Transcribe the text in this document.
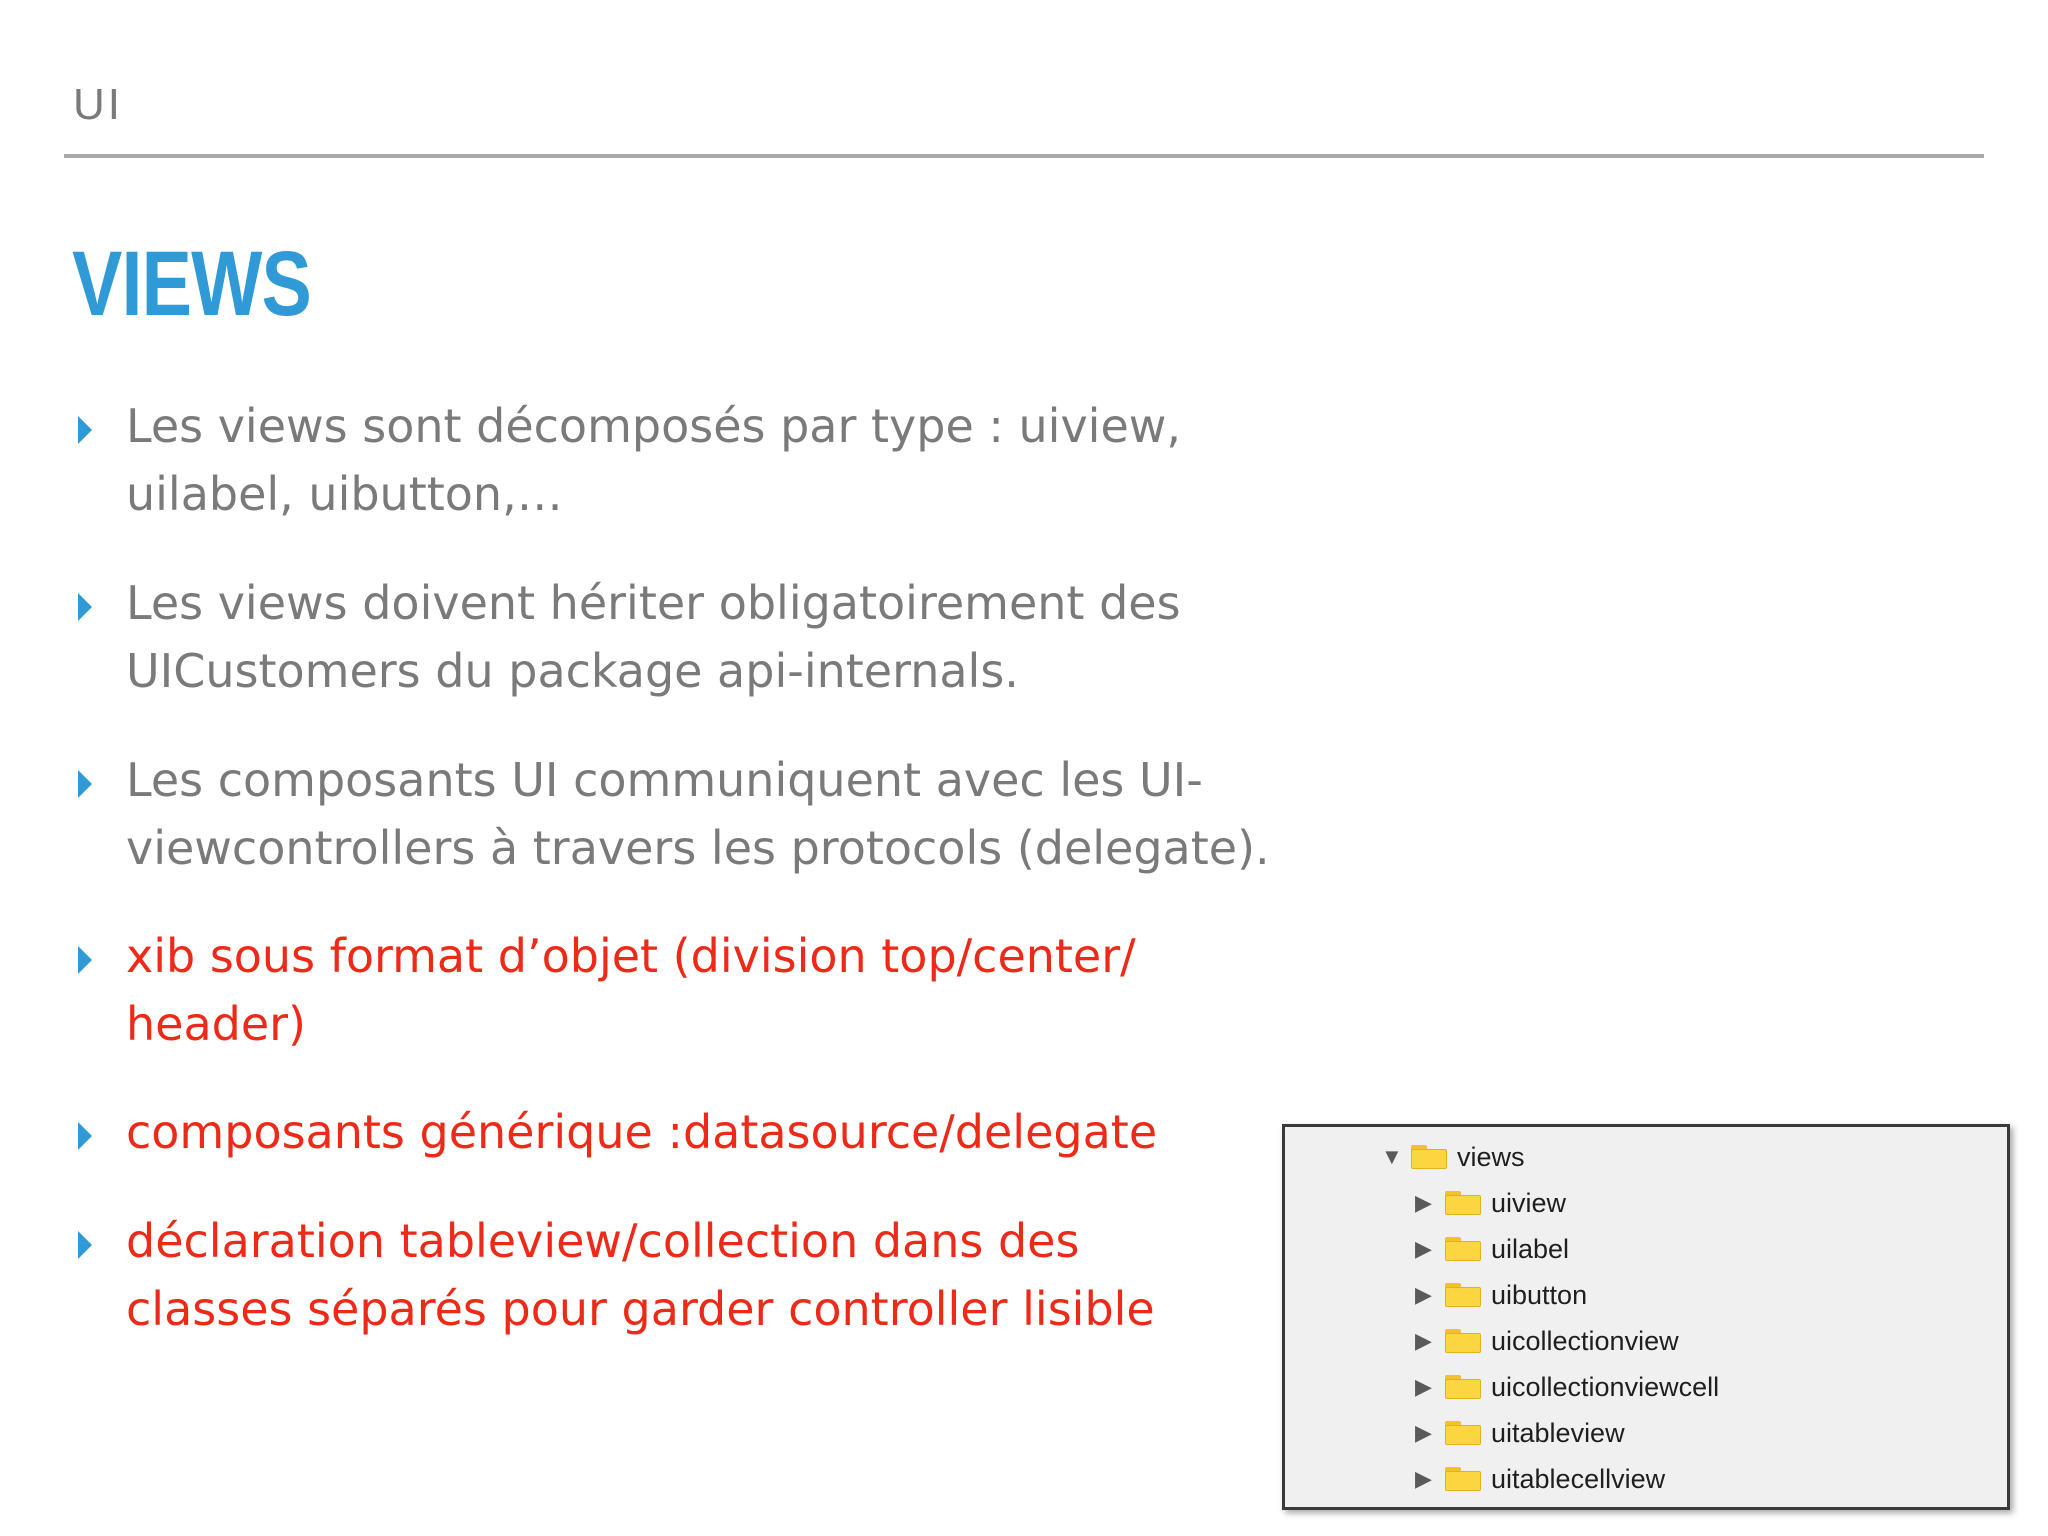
UI
VIEWS
Les views sont décomposés par type : uiview,
uilabel, uibutton,…
Les views doivent hériter obligatoirement des
UICustomers du package api-internals.
Les composants UI communiquent avec les UI-
viewcontrollers à travers les protocols (delegate).
xib sous format d’objet (division top/center/
header)
composants générique :datasource/delegate
déclaration tableview/collection dans des
classes séparés pour garder controller lisible
▼	views
▶	uiview
▶	uilabel
▶	uibutton
▶	uicollectionview
▶	uicollectionviewcell
▶	uitableview
▶	uitablecellview
